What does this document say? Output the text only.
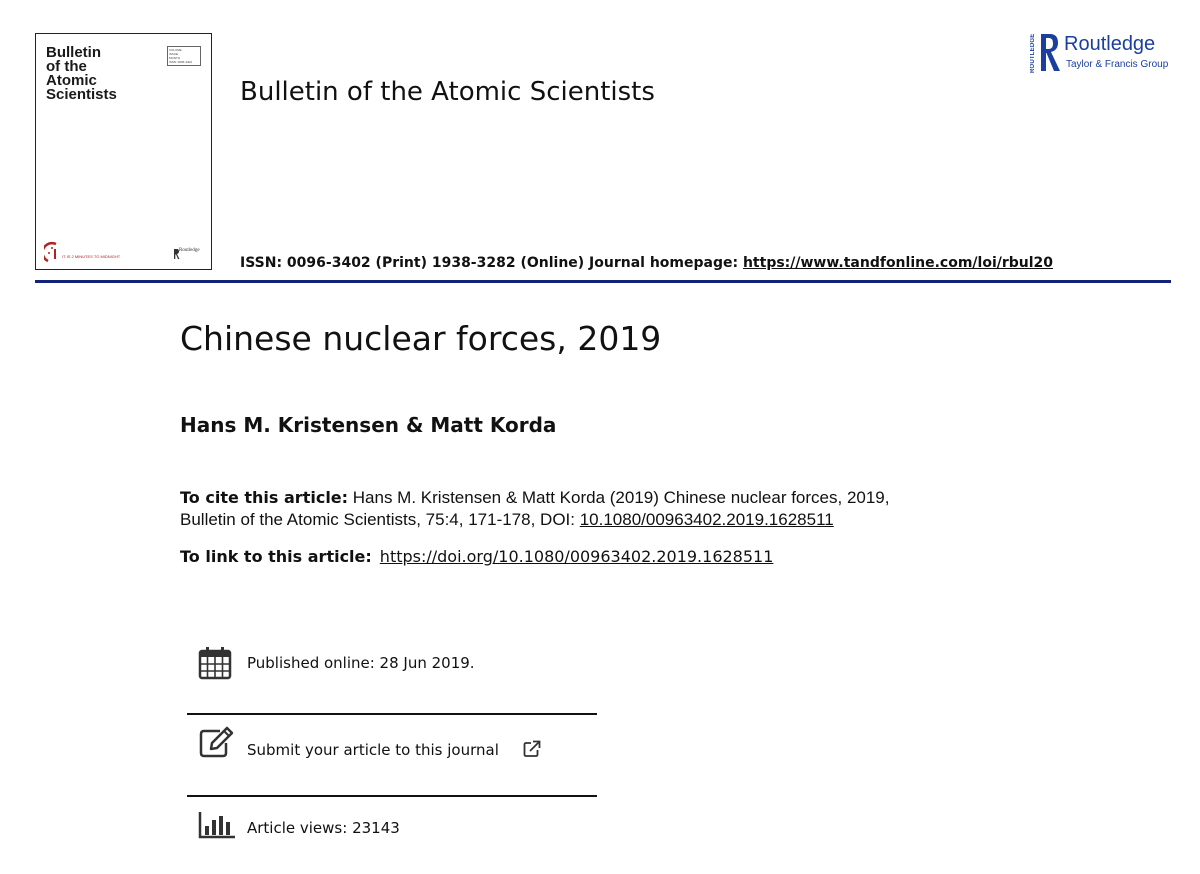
Bulletin
of the
Atomic
Scientists
VOLUME
ISSUE
MONTH
ISSN: 0096-3402
IT IS 2 MINUTES TO MIDNIGHT
Routledge
Bulletin of the Atomic Scientists
ROUTLEDGE Routledge
Taylor & Francis Group
ISSN: 0096-3402 (Print) 1938-3282 (Online) Journal homepage: https://www.tandfonline.com/loi/rbul20
Chinese nuclear forces, 2019
Hans M. Kristensen & Matt Korda
To cite this article: Hans M. Kristensen & Matt Korda (2019) Chinese nuclear forces, 2019,
Bulletin of the Atomic Scientists, 75:4, 171-178, DOI: 10.1080/00963402.2019.1628511
To link to this article: https://doi.org/10.1080/00963402.2019.1628511
Published online: 28 Jun 2019.
Submit your article to this journal
Article views: 23143
